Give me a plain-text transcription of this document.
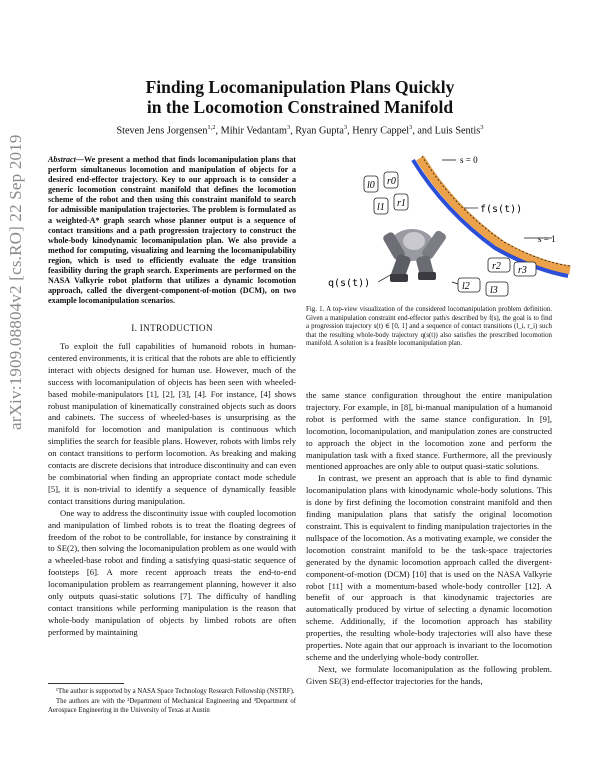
arXiv:1909.08804v2 [cs.RO] 22 Sep 2019
Finding Locomanipulation Plans Quickly
in the Locomotion Constrained Manifold
Steven Jens Jorgensen$^{1,2}$, Mihir Vedantam$^3$, Ryan Gupta$^3$, Henry Cappel$^3$, and Luis Sentis$^3$
Abstract—We present a method that finds locomanipulation plans that perform simultaneous locomotion and manipulation of objects for a desired end-effector trajectory. Key to our approach is to consider a generic locomotion constraint manifold that defines the locomotion scheme of the robot and then using this constraint manifold to search for admissible manipulation trajectories. The problem is formulated as a weighted-A* graph search whose planner output is a sequence of contact transitions and a path progression trajectory to construct the whole-body kinodynamic locomanipulation plan. We also provide a method for computing, visualizing and learning the locomanipulability region, which is used to efficiently evaluate the edge transition feasibility during the graph search. Experiments are performed on the NASA Valkyrie robot platform that utilizes a dynamic locomotion approach, called the divergent-component-of-motion (DCM), on two example locomanipulation scenarios.
I. INTRODUCTION

To exploit the full capabilities of humanoid robots in human-centered environments, it is critical that the robots are able to efficiently interact with objects designed for human use. However, much of the success with locomanipulation of objects has been seen with wheeled-based mobile-manipulators [1], [2], [3], [4]. For instance, [4] shows robust manipulation of kinematically constrained objects such as doors and cabinets. The success of wheeled-bases is unsurprising as the manifold for locomotion and manipulation is continuous which simplifies the search for feasible plans. However, robots with limbs rely on contact transitions to perform locomotion. As breaking and making contacts are discrete decisions that introduce discontinuity and can even be combinatorial when finding an appropriate contact mode schedule [5], it is non-trivial to identify a sequence of dynamically feasible contact transitions during manipulation.

One way to address the discontinuity issue with coupled locomotion and manipulation of limbed robots is to treat the floating degrees of freedom of the robot to be controllable, for instance by constraining it to SE(2), then solving the locomanipulation problem as one would with a wheeled-base robot and finding a satisfying quasi-static sequence of footsteps [6]. A more recent approach treats the end-to-end locomanipulation problem as rearrangement planning, however it also only outputs quasi-static solutions [7]. The difficulty of handling contact transitions while performing manipulation is the reason that whole-body manipulation of objects by limbed robots are often performed by maintaining

¹The author is supported by a NASA Space Technology Research Fellowship (NSTRF).

The authors are with the ²Department of Mechanical Engineering and ³Department of Aerospace Engineering in the University of Texas at Austin

s = 0
s = 1
f(s(t))
l0 r0
l1 r1
r2 r3
l2 l3
q(s(t))
Fig. 1. A top-view visualization of the considered locomanipulation problem definition. Given a manipulation constraint end-effector path/s described by f(s), the goal is to find a progression trajectory s(t) ∈ [0, 1] and a sequence of contact transitions (l_i, r_i) such that the resulting whole-body trajectory q(s(t)) also satisfies the prescribed locomotion manifold. A solution is a feasible locomanipulation plan.

the same stance configuration throughout the entire manipulation trajectory. For example, in [8], bi-manual manipulation of a humanoid robot is performed with the same stance configuration. In [9], locomotion, locomanipulation, and manipulation zones are constructed to approach the object in the locomotion zone and perform the manipulation task with a fixed stance. Furthermore, all the previously mentioned approaches are only able to output quasi-static solutions.

In contrast, we present an approach that is able to find dynamic locomanipulation plans with kinodynamic whole-body solutions. This is done by first defining the locomotion constraint manifold and then finding manipulation plans that satisfy the original locomotion constraint. This is equivalent to finding manipulation trajectories in the nullspace of the locomotion. As a motivating example, we consider the locomotion constraint manifold to be the task-space trajectories generated by the dynamic locomotion approach called the divergent-component-of-motion (DCM) [10] that is used on the NASA Valkyrie robot [11] with a momentum-based whole-body controller [12]. A benefit of our approach is that kinodynamic trajectories are automatically produced by virtue of selecting a dynamic locomotion scheme. Additionally, if the locomotion approach has stability properties, the resulting whole-body trajectories will also have these properties. Note again that our approach is invariant to the locomotion scheme and the underlying whole-body controller.

Next, we formulate locomanipulation as the following problem. Given SE(3) end-effector trajectories for the hands,
